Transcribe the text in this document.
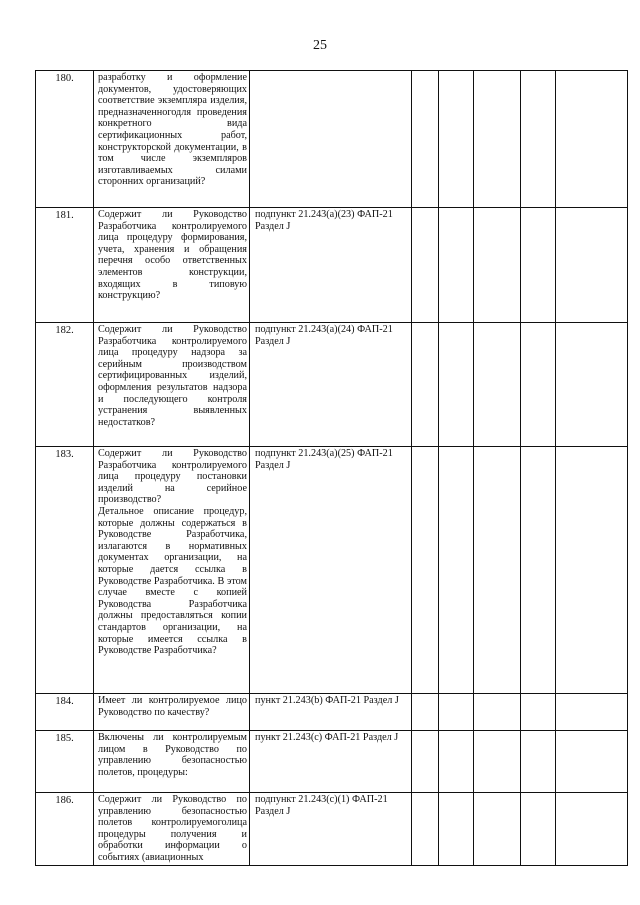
25
180.	разработку и оформление документов, удостоверяющих соответствие экземпляра изделия, предназначенногодля проведения конкретного вида сертификационных работ, конструкторской документации, в том числе экземпляров изготавливаемых силами сторонних организаций?						
181.	Содержит ли Руководство Разработчика контролируемого лица процедуру формирования, учета, хранения и обращения перечня особо ответственных элементов конструкции, входящих в типовую конструкцию?	подпункт 21.243(a)(23) ФАП-21 Раздел J					
182.	Содержит ли Руководство Разработчика контролируемого лица процедуру надзора за серийным производством сертифицированных изделий, оформления результатов надзора и последующего контроля устранения выявленных недостатков?	подпункт 21.243(a)(24) ФАП-21 Раздел J					
183.	Содержит ли Руководство Разработчика контролируемого лица процедуру постановки изделий на серийное производство?

Детальное описание процедур, которые должны содержаться в Руководстве Разработчика, излагаются в нормативных документах организации, на которые дается ссылка в Руководстве Разработчика. В этом случае вместе с копией Руководства Разработчика должны предоставляться копии стандартов организации, на которые имеется ссылка в Руководстве Разработчика?	подпункт 21.243(a)(25) ФАП-21 Раздел J					
184.	Имеет ли контролируемое лицо Руководство по качеству?	пункт 21.243(b) ФАП-21 Раздел J					
185.	Включены ли контролируемым лицом в Руководство по управлению безопасностью полетов, процедуры:	пункт 21.243(c) ФАП-21 Раздел J					
186.	Содержит ли Руководство по управлению безопасностью полетов контролируемоголица процедуры получения и обработки информации о событиях (авиационных	подпункт 21.243(c)(1) ФАП-21 Раздел J					
